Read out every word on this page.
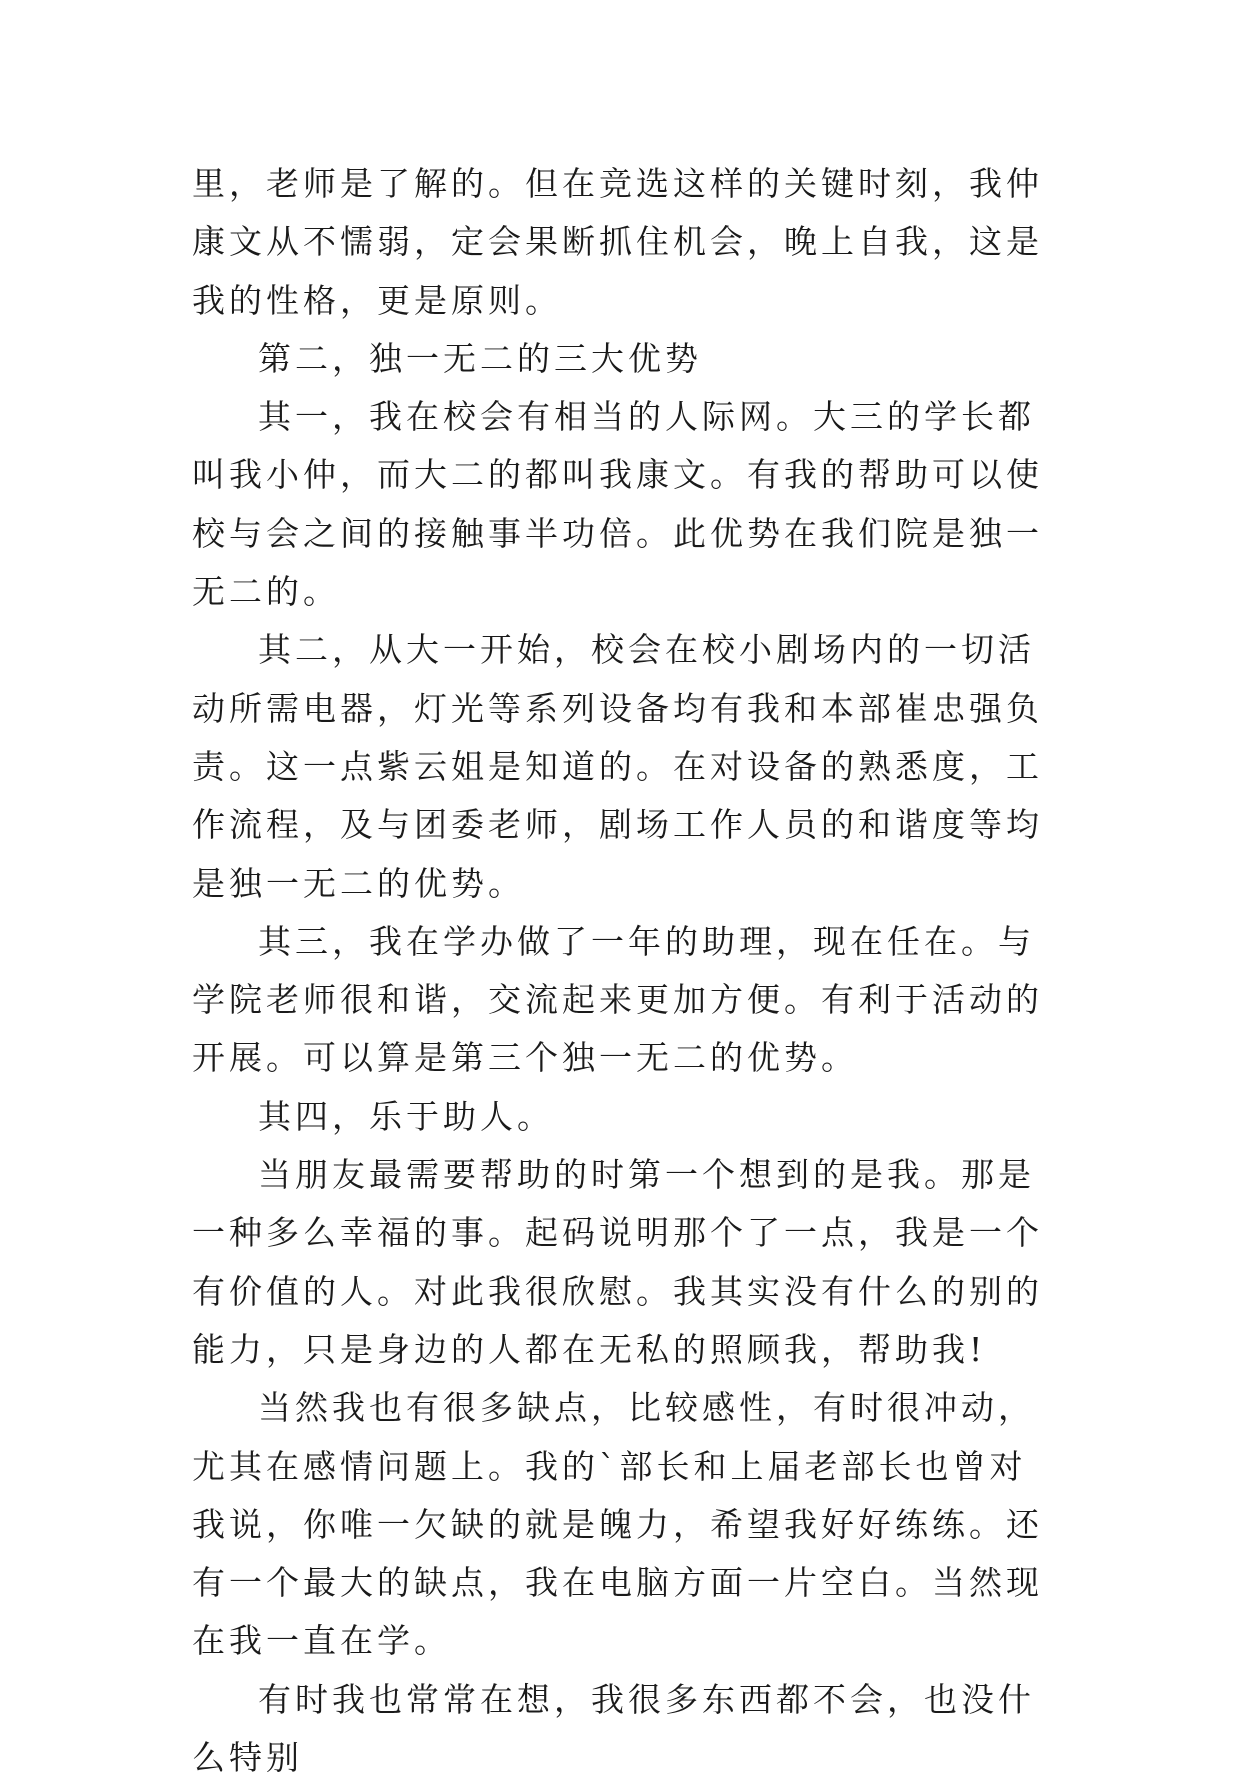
里，老师是了解的。但在竞选这样的关键时刻，我仲康文从不懦弱，定会果断抓住机会，晚上自我，这是我的性格，更是原则。

第二，独一无二的三大优势

其一，我在校会有相当的人际网。大三的学长都叫我小仲，而大二的都叫我康文。有我的帮助可以使校与会之间的接触事半功倍。此优势在我们院是独一无二的。

其二，从大一开始，校会在校小剧场内的一切活动所需电器，灯光等系列设备均有我和本部崔忠强负责。这一点紫云姐是知道的。在对设备的熟悉度，工作流程，及与团委老师，剧场工作人员的和谐度等均是独一无二的优势。

其三，我在学办做了一年的助理，现在任在。与学院老师很和谐，交流起来更加方便。有利于活动的开展。可以算是第三个独一无二的优势。

其四，乐于助人。

当朋友最需要帮助的时第一个想到的是我。那是一种多么幸福的事。起码说明那个了一点，我是一个有价值的人。对此我很欣慰。我其实没有什么的别的能力，只是身边的人都在无私的照顾我，帮助我!

当然我也有很多缺点，比较感性，有时很冲动，尤其在感情问题上。我的`部长和上届老部长也曾对我说，你唯一欠缺的就是魄力，希望我好好练练。还有一个最大的缺点，我在电脑方面一片空白。当然现在我一直在学。

有时我也常常在想，我很多东西都不会，也没什么特别
